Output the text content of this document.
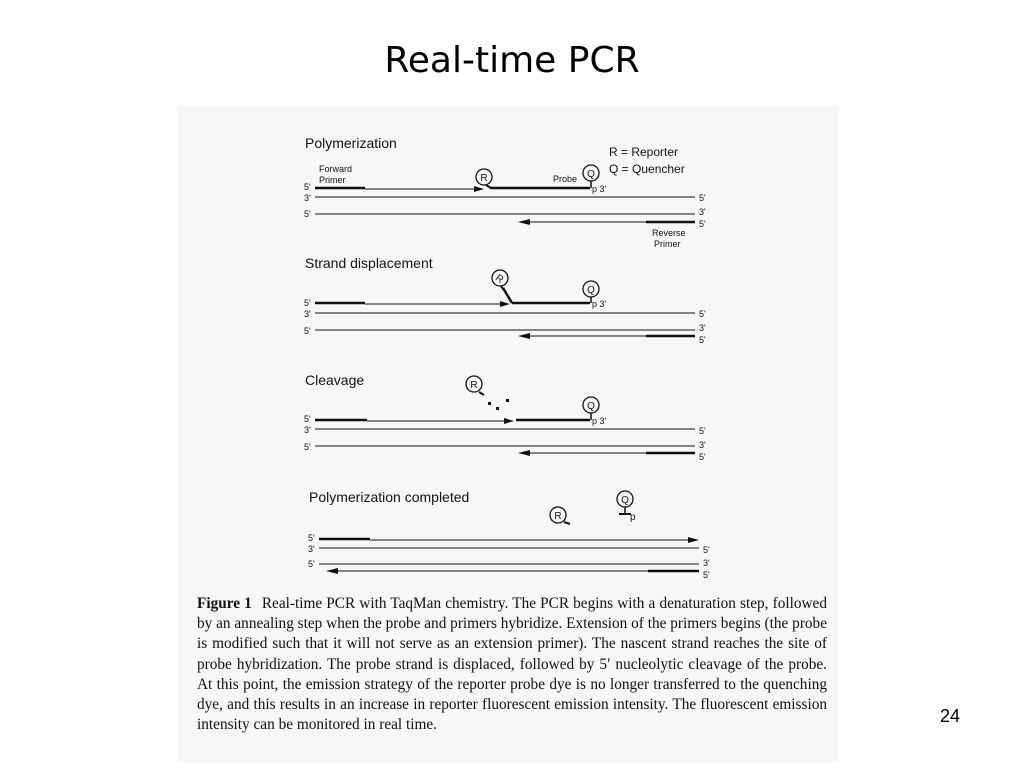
Real-time PCR
R = Reporter
Q = Quencher
Polymerization
Forward
Primer
5'
3'
5'
Probe
R	Q
p 3'
5'
3'
5'
Reverse
Primer
Strand displacement
5'
3'
5'
R
Q
p 3'
5'
3'
5'
Cleavage	R
5'
3'
5'
Q
p 3'
5'
3'
5'
Polymerization completed
R
Q
p
5'
3'
5'
5'
3'
5'
Figure 1 Real-time PCR with TaqMan chemistry. The PCR begins with a denaturation step, followed by an annealing step when the probe and primers hybridize. Extension of the primers begins (the probe is modified such that it will not serve as an extension primer). The nascent strand reaches the site of probe hybridization. The probe strand is displaced, followed by 5′ nucleolytic cleavage of the probe. At this point, the emission strategy of the reporter probe dye is no longer transferred to the quenching dye, and this results in an increase in reporter fluorescent emission intensity. The fluorescent emission intensity can be monitored in real time.	24
